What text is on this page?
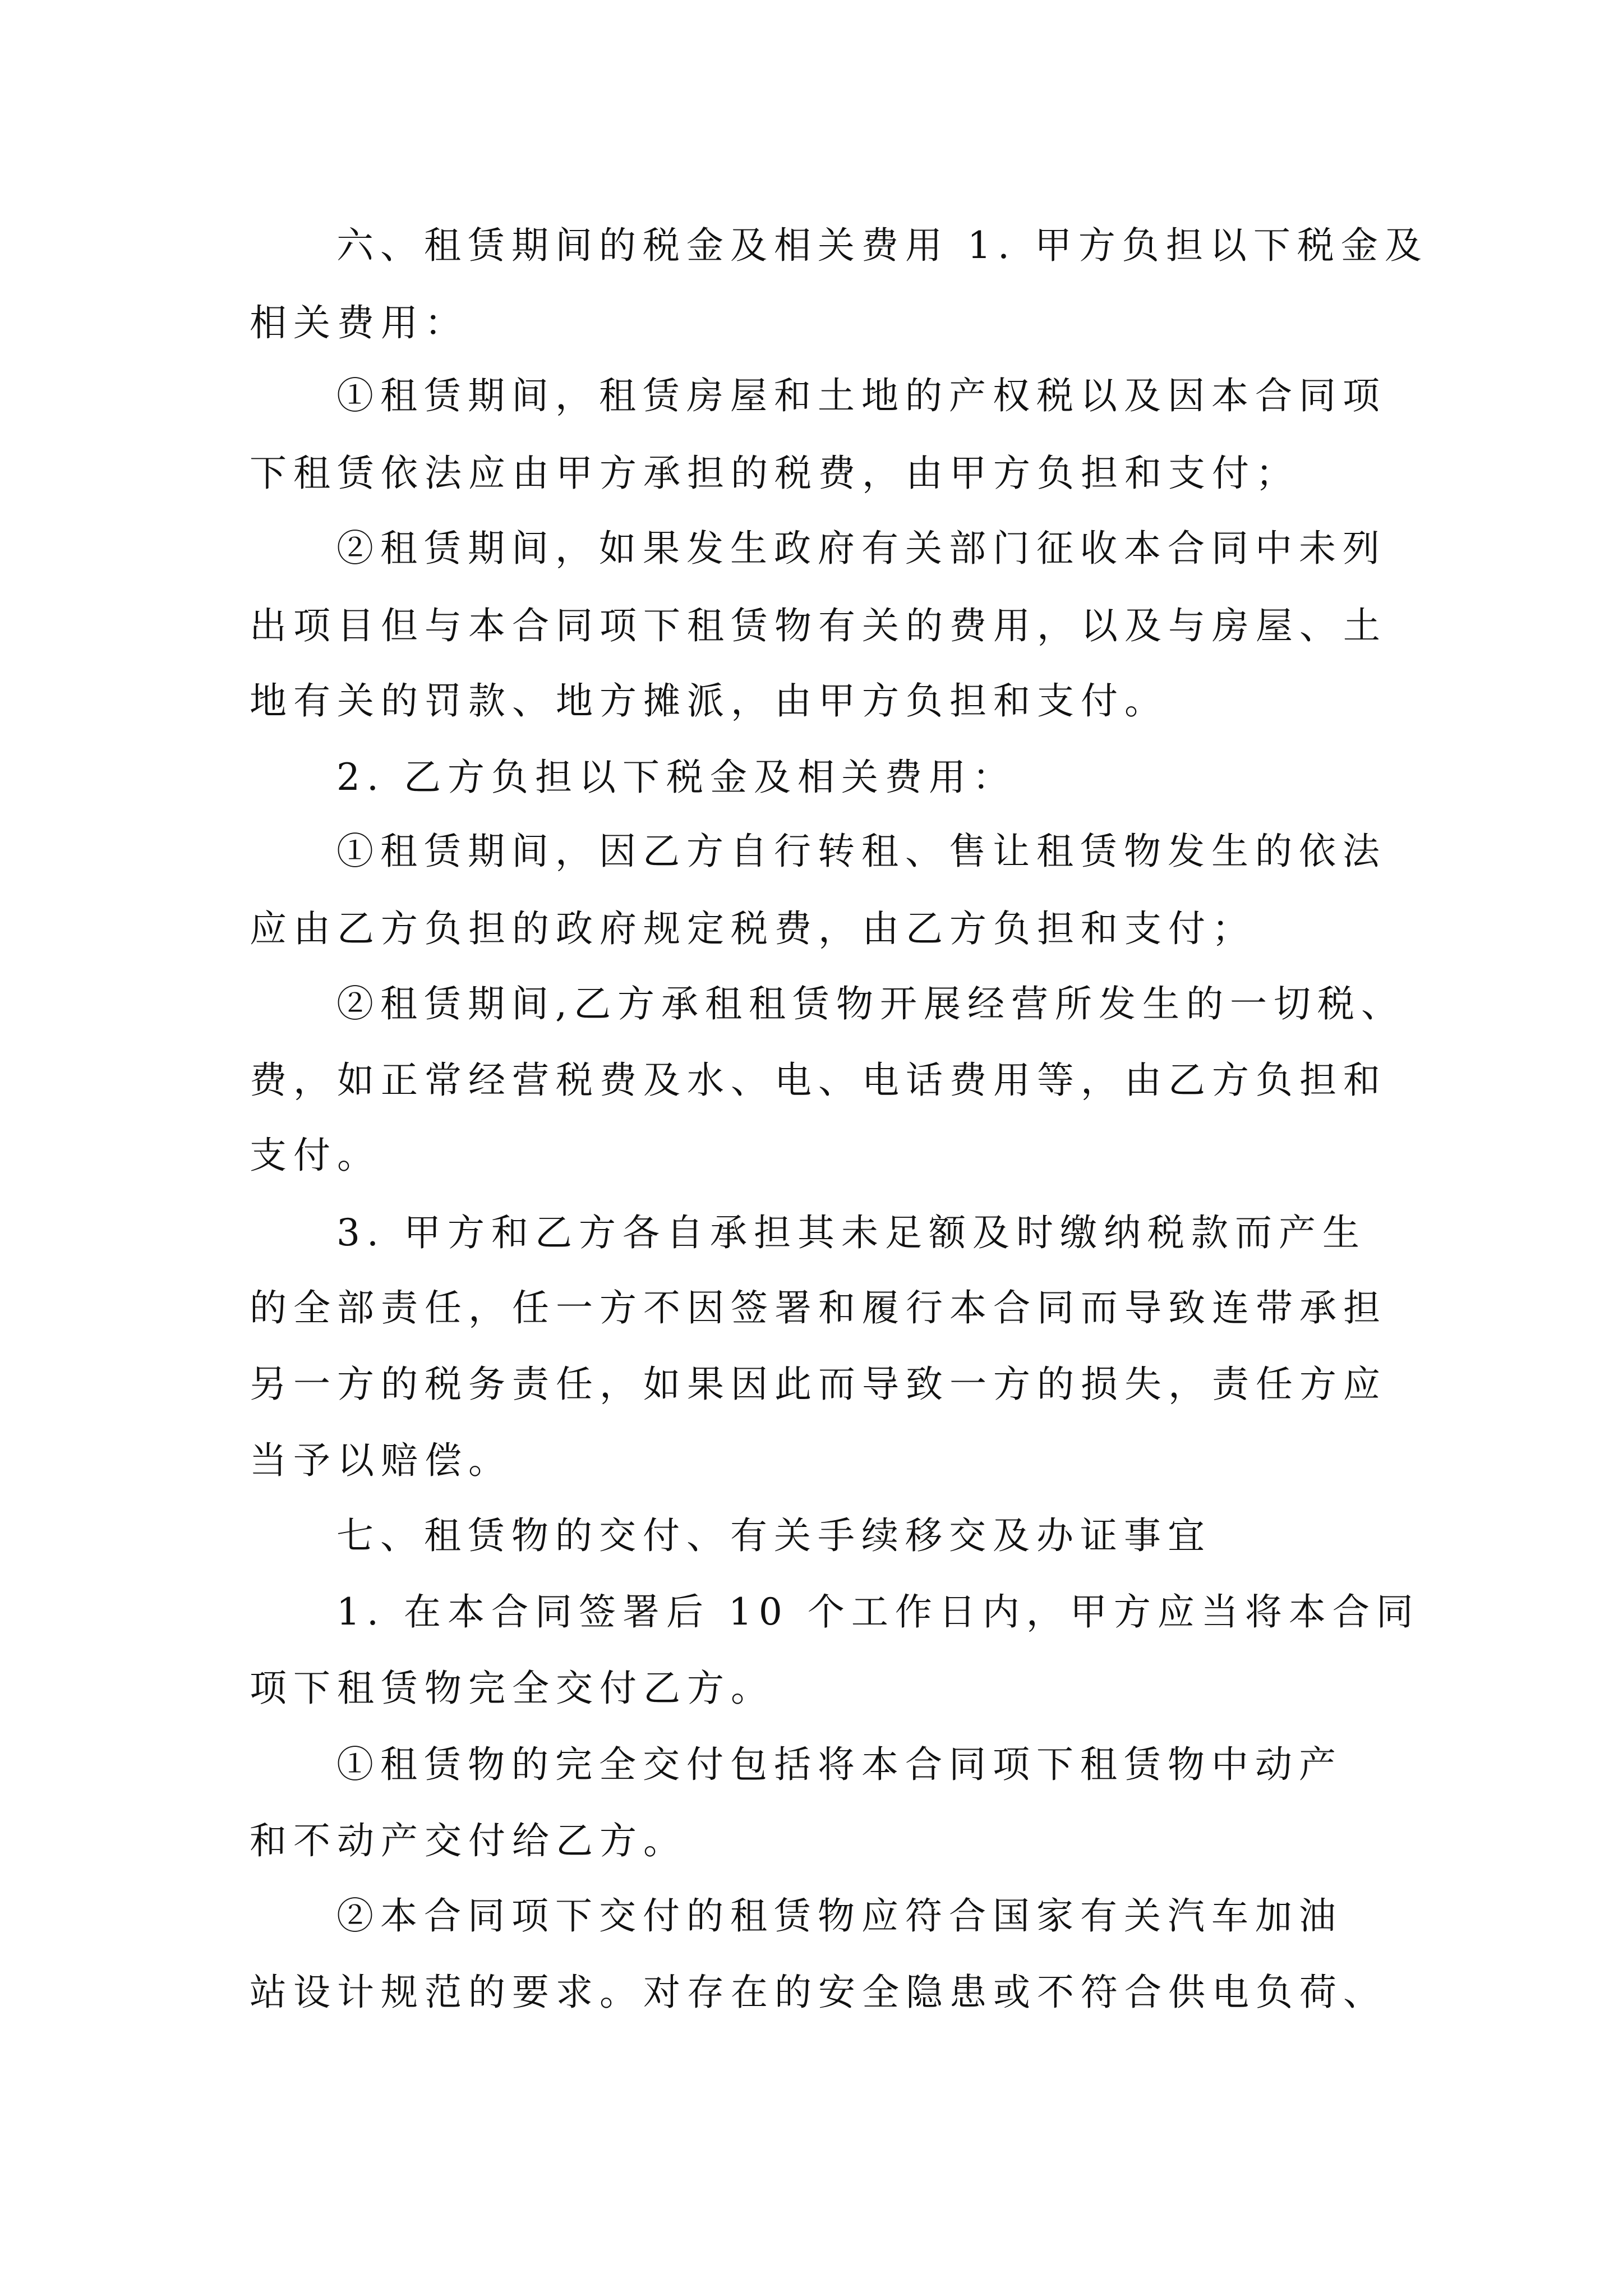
六、租赁期间的税金及相关费用 1. 甲方负担以下税金及
相关费用：
①租赁期间，租赁房屋和土地的产权税以及因本合同项
下租赁依法应由甲方承担的税费，由甲方负担和支付；
②租赁期间，如果发生政府有关部门征收本合同中未列
出项目但与本合同项下租赁物有关的费用，以及与房屋、土
地有关的罚款、地方摊派，由甲方负担和支付。
2. 乙方负担以下税金及相关费用：
①租赁期间，因乙方自行转租、售让租赁物发生的依法
应由乙方负担的政府规定税费，由乙方负担和支付；
②租赁期间,乙方承租租赁物开展经营所发生的一切税、
费，如正常经营税费及水、电、电话费用等，由乙方负担和
支付。
3. 甲方和乙方各自承担其未足额及时缴纳税款而产生
的全部责任，任一方不因签署和履行本合同而导致连带承担
另一方的税务责任，如果因此而导致一方的损失，责任方应
当予以赔偿。
七、租赁物的交付、有关手续移交及办证事宜
1. 在本合同签署后 10 个工作日内，甲方应当将本合同
项下租赁物完全交付乙方。
①租赁物的完全交付包括将本合同项下租赁物中动产
和不动产交付给乙方。
②本合同项下交付的租赁物应符合国家有关汽车加油
站设计规范的要求。对存在的安全隐患或不符合供电负荷、
